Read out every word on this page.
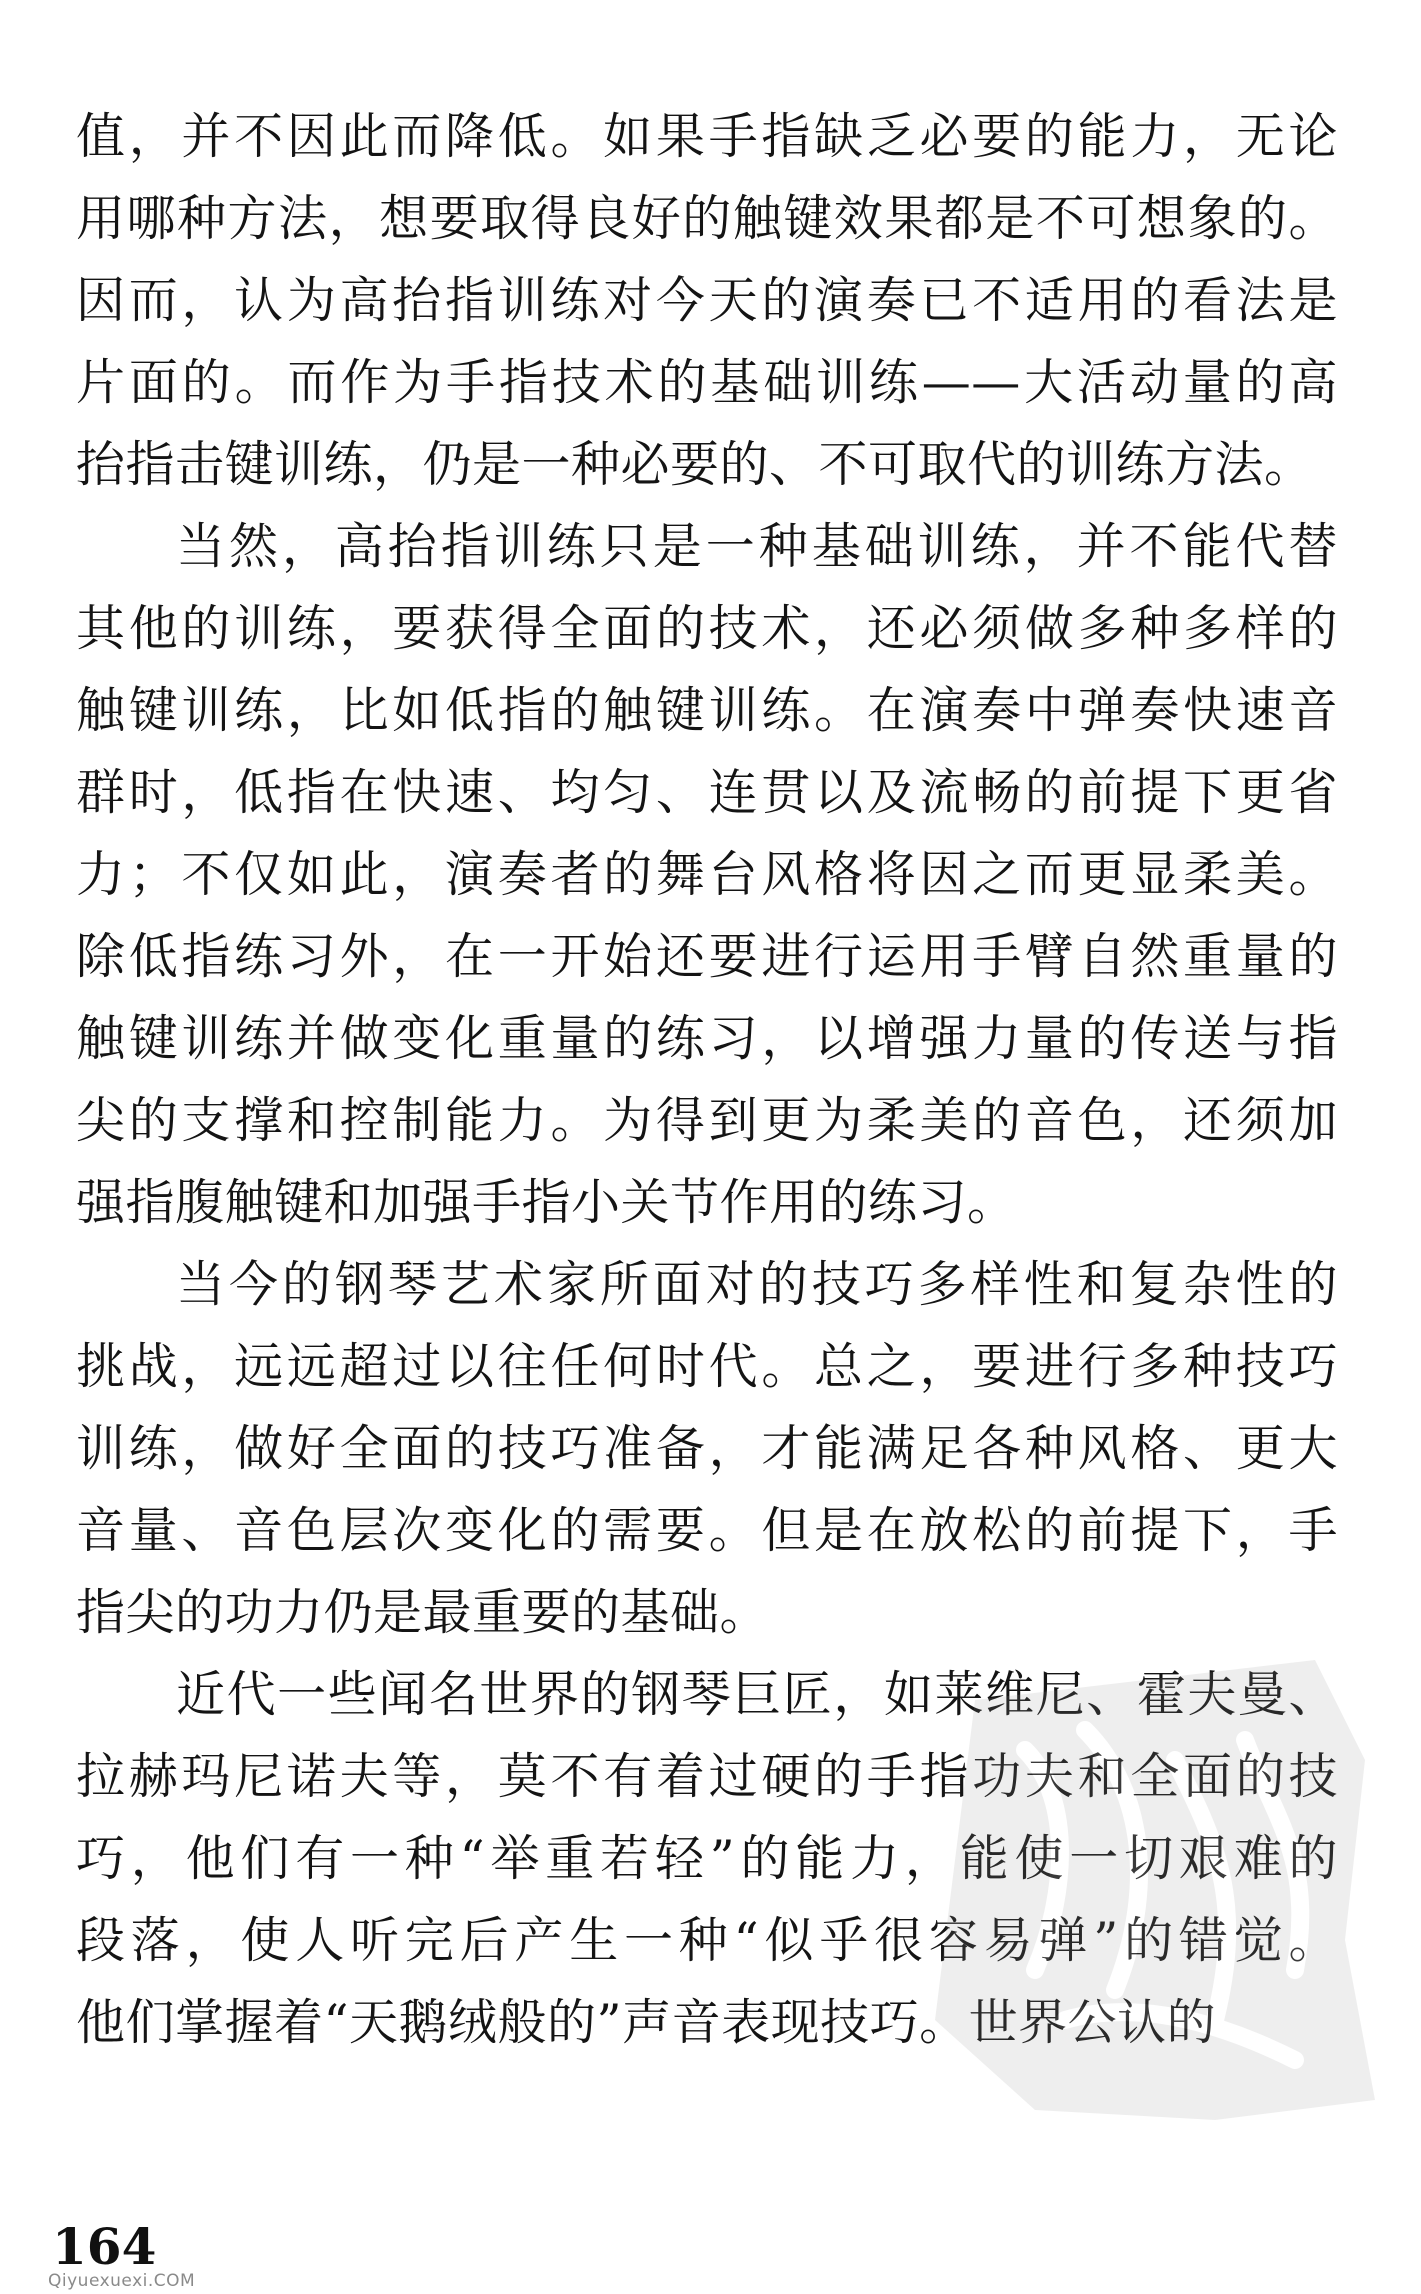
值，并不因此而降低。如果手指缺乏必要的能力，无论
用哪种方法，想要取得良好的触键效果都是不可想象的。
因而，认为高抬指训练对今天的演奏已不适用的看法是
片面的。而作为手指技术的基础训练——大活动量的高
抬指击键训练，仍是一种必要的、不可取代的训练方法。
当然，高抬指训练只是一种基础训练，并不能代替
其他的训练，要获得全面的技术，还必须做多种多样的
触键训练，比如低指的触键训练。在演奏中弹奏快速音
群时，低指在快速、均匀、连贯以及流畅的前提下更省
力；不仅如此，演奏者的舞台风格将因之而更显柔美。
除低指练习外，在一开始还要进行运用手臂自然重量的
触键训练并做变化重量的练习，以增强力量的传送与指
尖的支撑和控制能力。为得到更为柔美的音色，还须加
强指腹触键和加强手指小关节作用的练习。
当今的钢琴艺术家所面对的技巧多样性和复杂性的
挑战，远远超过以往任何时代。总之，要进行多种技巧
训练，做好全面的技巧准备，才能满足各种风格、更大
音量、音色层次变化的需要。但是在放松的前提下，手
指尖的功力仍是最重要的基础。
近代一些闻名世界的钢琴巨匠，如莱维尼、霍夫曼、
拉赫玛尼诺夫等，莫不有着过硬的手指功夫和全面的技
巧，他们有一种“举重若轻”的能力，能使一切艰难的
段落，使人听完后产生一种“似乎很容易弹”的错觉。
他们掌握着“天鹅绒般的”声音表现技巧。世界公认的
164
Qiyuexuexi.COM
